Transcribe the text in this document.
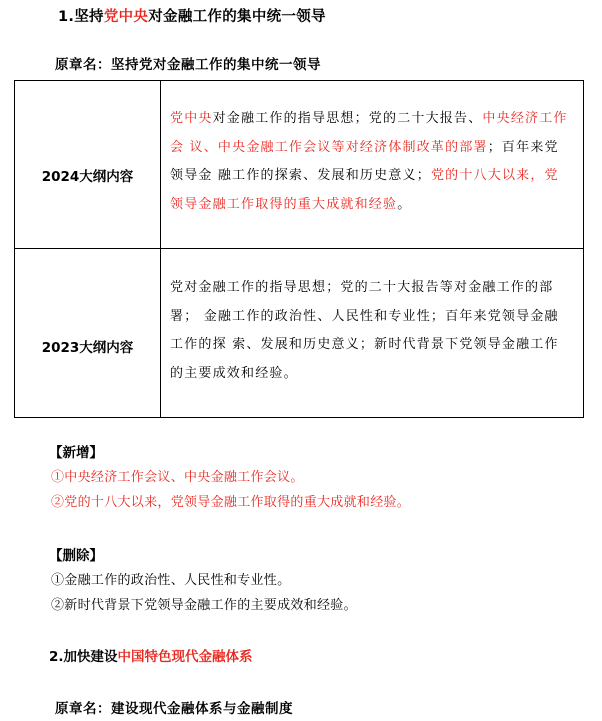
1.坚持党中央对金融工作的集中统一领导
原章名：坚持党对金融工作的集中统一领导
2024大纲内容
党中央对金融工作的指导思想；党的二十大报告、中央经济工作
会 议、中央金融工作会议等对经济体制改革的部署；百年来党
领导金 融工作的探索、发展和历史意义；党的十八大以来，党
领导金融工作取得的重大成就和经验。
2023大纲内容
党对金融工作的指导思想；党的二十大报告等对金融工作的部
署； 金融工作的政治性、人民性和专业性；百年来党领导金融
工作的探 索、发展和历史意义；新时代背景下党领导金融工作
的主要成效和经验。
【新增】
①中央经济工作会议、中央金融工作会议。
②党的十八大以来，党领导金融工作取得的重大成就和经验。
【删除】
①金融工作的政治性、人民性和专业性。
②新时代背景下党领导金融工作的主要成效和经验。
2.加快建设中国特色现代金融体系
原章名：建设现代金融体系与金融制度
